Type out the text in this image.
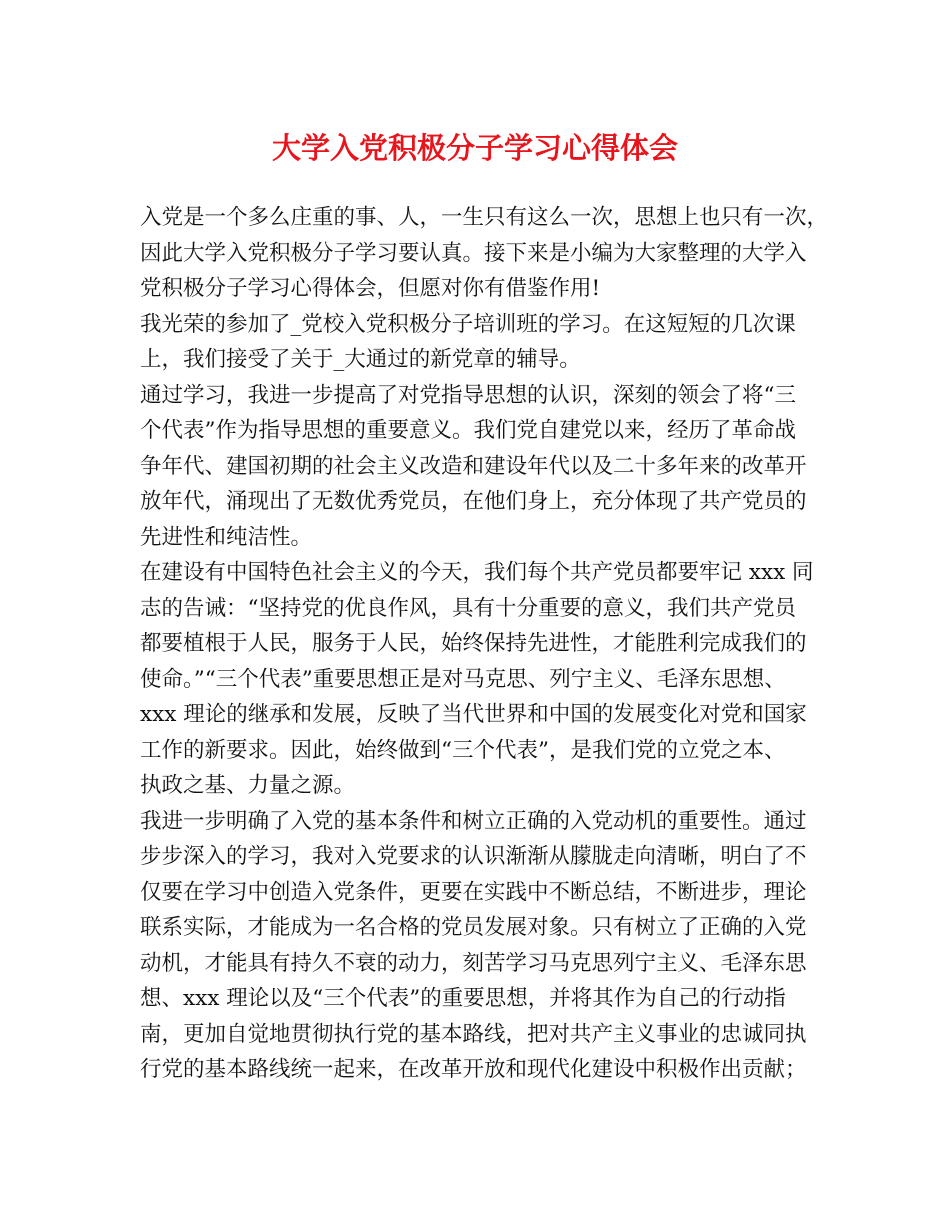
大学入党积极分子学习心得体会
入党是一个多么庄重的事、人，一生只有这么一次，思想上也只有一次，
因此大学入党积极分子学习要认真。接下来是小编为大家整理的大学入
党积极分子学习心得体会，但愿对你有借鉴作用!
我光荣的参加了_党校入党积极分子培训班的学习。在这短短的几次课
上，我们接受了关于_大通过的新党章的辅导。
通过学习，我进一步提高了对党指导思想的认识，深刻的领会了将“三
个代表”作为指导思想的重要意义。我们党自建党以来，经历了革命战
争年代、建国初期的社会主义改造和建设年代以及二十多年来的改革开
放年代，涌现出了无数优秀党员，在他们身上，充分体现了共产党员的
先进性和纯洁性。
在建设有中国特色社会主义的今天，我们每个共产党员都要牢记 xxx 同
志的告诫：“坚持党的优良作风，具有十分重要的意义，我们共产党员
都要植根于人民，服务于人民，始终保持先进性，才能胜利完成我们的
使命。”“三个代表”重要思想正是对马克思、列宁主义、毛泽东思想、
xxx 理论的继承和发展，反映了当代世界和中国的发展变化对党和国家
工作的新要求。因此，始终做到“三个代表”，是我们党的立党之本、
执政之基、力量之源。
我进一步明确了入党的基本条件和树立正确的入党动机的重要性。通过
步步深入的学习，我对入党要求的认识渐渐从朦胧走向清晰，明白了不
仅要在学习中创造入党条件，更要在实践中不断总结，不断进步，理论
联系实际，才能成为一名合格的党员发展对象。只有树立了正确的入党
动机，才能具有持久不衰的动力，刻苦学习马克思列宁主义、毛泽东思
想、xxx 理论以及“三个代表”的重要思想，并将其作为自己的行动指
南，更加自觉地贯彻执行党的基本路线，把对共产主义事业的忠诚同执
行党的基本路线统一起来，在改革开放和现代化建设中积极作出贡献；
